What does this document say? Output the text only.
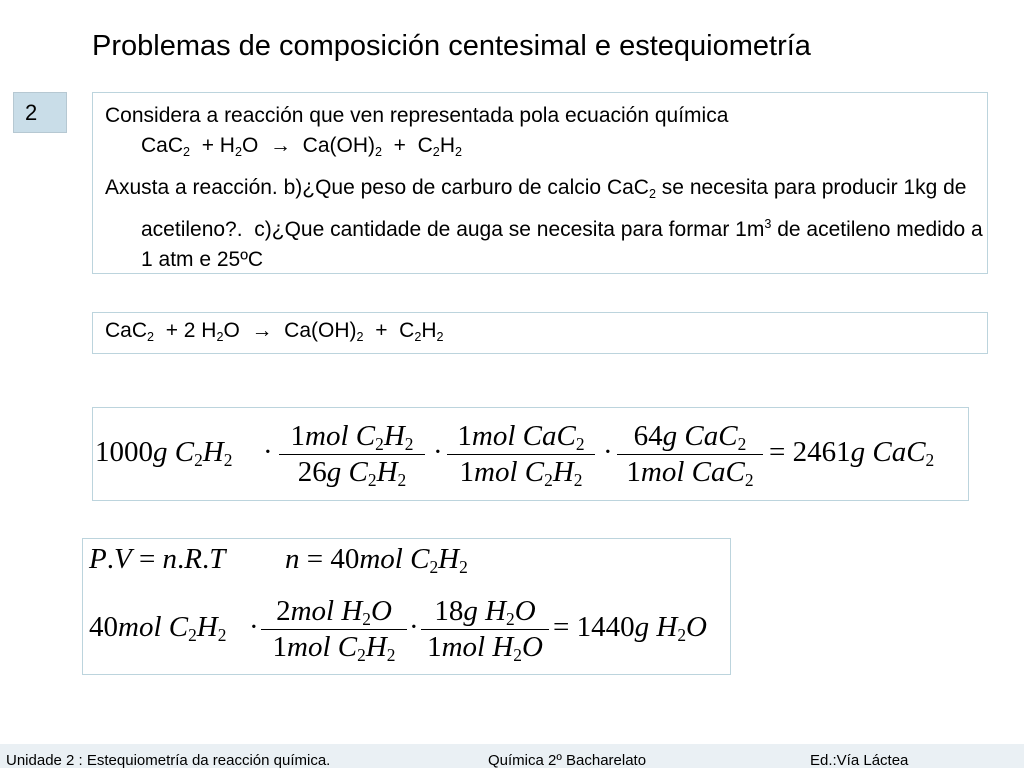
Problemas de composición centesimal e estequiometría
2	Considera a reacción que ven representada pola ecuación química

$CaC_2 + H_2O \to Ca(OH)_2 + C_2H_2$

Axusta a reacción. b)¿Que peso de carburo de calcio CaC$_2$ se necesita para producir 1kg de acetileno?.  c)¿Que cantidade de auga se necesita para formar $1m^3$ de acetileno medido a 1 atm e 25ºC

CaC$_2$  + 2 $H_2O \to Ca(OH)_2 + C_2H_2$
1000g $C_2H_2 \cdot 1mol$ $C_2H_2$
26g $C_2H_2$
· 1mol CaC$_2$
1mol $C_2H_2$
· 64g CaC$_2$
1mol CaC$_2$
= 2461g CaC$_2$
P.V = n.R.T n = 40mol $C_2H_2$
40mol $C_2H_2 \cdot 2mol$ $H_2O$
1mol $C_2H_2$
· 18g $H_2O$
1mol $H_2O$
= 1440g $H_2O$
Unidade 2 : Estequiometría da reacción química.	Química 2º Bacharelato	Ed.:Vía Láctea
